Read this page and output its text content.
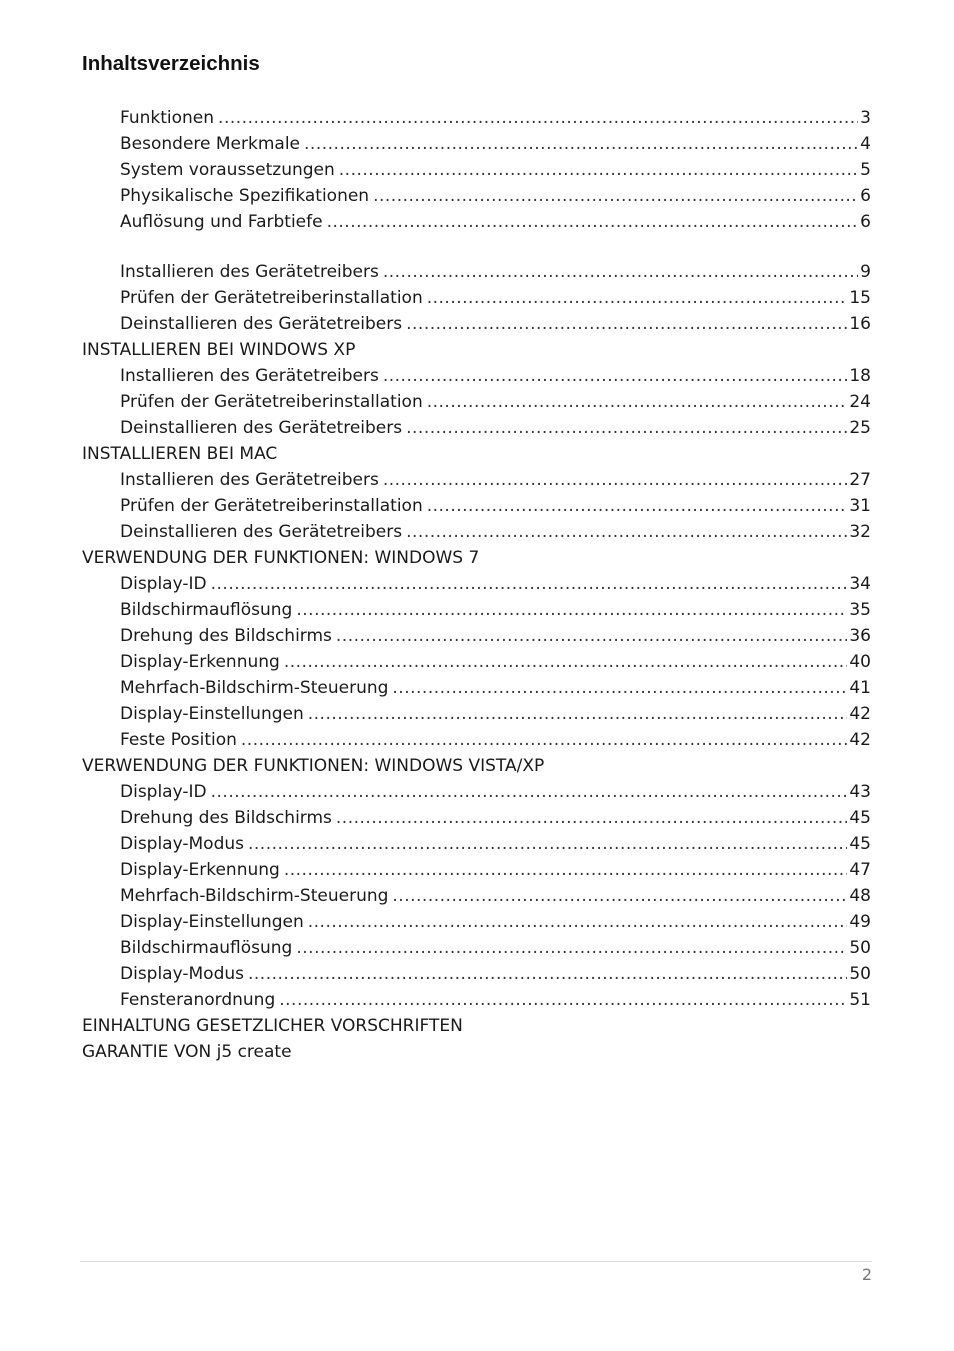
Inhaltsverzeichnis
Funktionen .....	3
Besondere Merkmale .....	4
System voraussetzungen .....	5
Physikalische Spezifikationen .....	6
Auflösung und Farbtiefe .....	6
Installieren des Gerätetreibers .....	9
Prüfen der Gerätetreiberinstallation .....	15
Deinstallieren des Gerätetreibers .....	16
INSTALLIEREN BEI WINDOWS XP
Installieren des Gerätetreibers .....	18
Prüfen der Gerätetreiberinstallation .....	24
Deinstallieren des Gerätetreibers .....	25
INSTALLIEREN BEI MAC
Installieren des Gerätetreibers .....	27
Prüfen der Gerätetreiberinstallation .....	31
Deinstallieren des Gerätetreibers .....	32
VERWENDUNG DER FUNKTIONEN: WINDOWS 7
Display-ID .....	34
Bildschirmauflösung .....	35
Drehung des Bildschirms .....	36
Display-Erkennung .....	40
Mehrfach-Bildschirm-Steuerung .....	41
Display-Einstellungen .....	42
Feste Position .....	42
VERWENDUNG DER FUNKTIONEN: WINDOWS VISTA/XP
Display-ID .....	43
Drehung des Bildschirms .....	45
Display-Modus .....	45
Display-Erkennung .....	47
Mehrfach-Bildschirm-Steuerung .....	48
Display-Einstellungen .....	49
Bildschirmauflösung .....	50
Display-Modus .....	50
Fensteranordnung .....	51
EINHALTUNG GESETZLICHER VORSCHRIFTEN
GARANTIE VON j5 create
2
